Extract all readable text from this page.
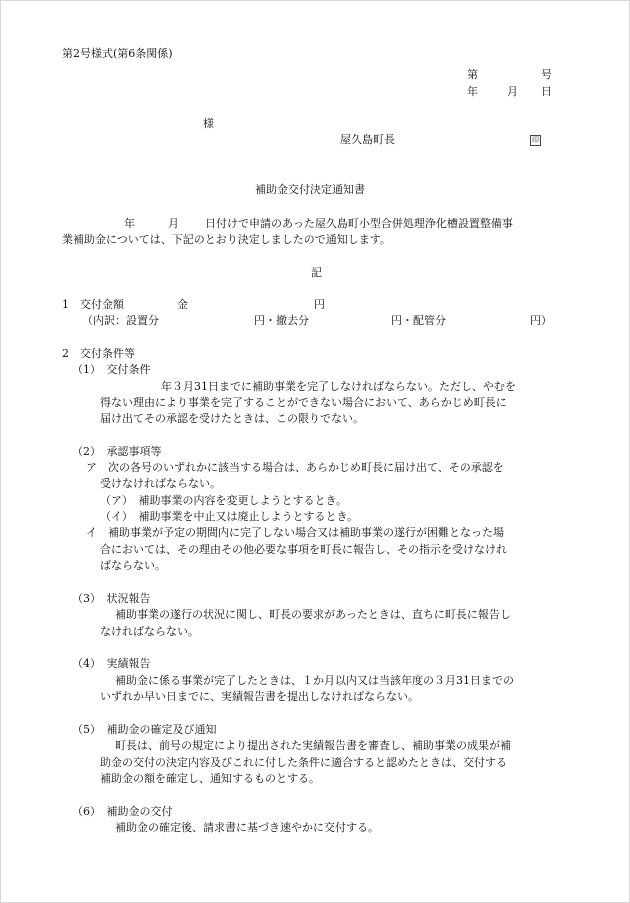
第2号様式(第6条関係)
第	号
年	月 日
様
屋久島町長	印
補助金交付決定通知書
年	月 日付けで申請のあった屋久島町小型合併処理浄化槽設置整備事
業補助金については、下記のとおり決定しましたので通知します。
記
1　交付金額	金	円
（内訳：設置分	円・撤去分	円・配管分	円）
2　交付条件等
（1）　交付条件
年３月31日までに補助事業を完了しなければならない。ただし、やむを
得ない理由により事業を完了することができない場合において、あらかじめ町長に
届け出てその承認を受けたときは、この限りでない。
（2）　承認事項等
ア　次の各号のいずれかに該当する場合は、あらかじめ町長に届け出て、その承認を
受けなければならない。
（ア）　補助事業の内容を変更しようとするとき。
（イ）　補助事業を中止又は廃止しようとするとき。
イ　補助事業が予定の期間内に完了しない場合又は補助事業の遂行が困難となった場
合においては、その理由その他必要な事項を町長に報告し、その指示を受けなけれ
ばならない。
（3）　状況報告
補助事業の遂行の状況に関し、町長の要求があったときは、直ちに町長に報告し
なければならない。
（4）　実績報告
補助金に係る事業が完了したときは、１か月以内又は当該年度の３月31日までの
いずれか早い日までに、実績報告書を提出しなければならない。
（5）　補助金の確定及び通知
町長は、前号の規定により提出された実績報告書を審査し、補助事業の成果が補
助金の交付の決定内容及びこれに付した条件に適合すると認めたときは、交付する
補助金の額を確定し、通知するものとする。
（6）　補助金の交付
補助金の確定後、請求書に基づき速やかに交付する。
